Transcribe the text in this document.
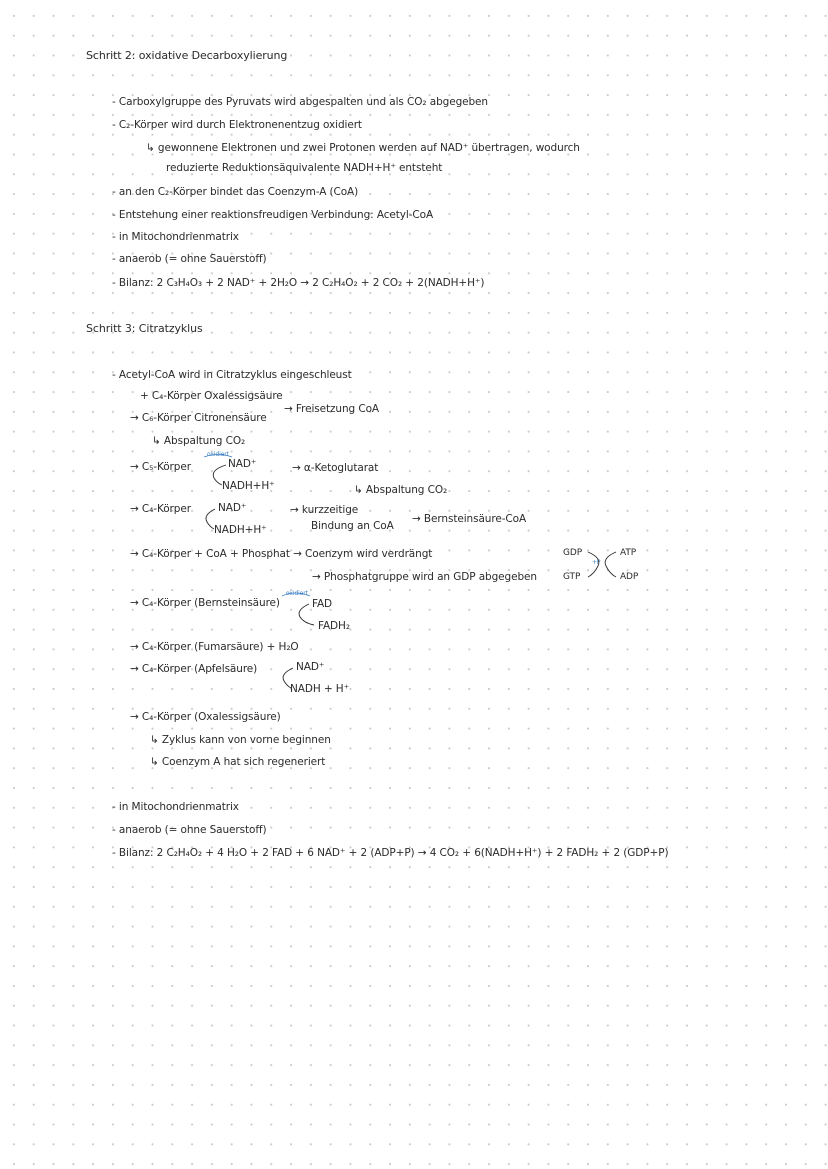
Schritt 2: oxidative Decarboxylierung

- Carboxylgruppe des Pyruvats wird abgespalten und als CO₂ abgegeben

- C₂-Körper wird durch Elektronenentzug oxidiert

↳ gewonnene Elektronen und zwei Protonen werden auf NAD⁺ übertragen, wodurch

reduzierte Reduktionsäquivalente NADH+H⁺ entsteht

- an den C₂-Körper bindet das Coenzym-A (CoA)

- Entstehung einer reaktionsfreudigen Verbindung: Acetyl-CoA

- in Mitochondrienmatrix

- anaerob (= ohne Sauerstoff)

- Bilanz: 2 C₃H₄O₃ + 2 NAD⁺ + 2H₂O → 2 C₂H₄O₂ + 2 CO₂ + 2(NADH+H⁺)

Schritt 3: Citratzyklus

- Acetyl-CoA wird in Citratzyklus eingeschleust

+ C₄-Körper Oxalessigsäure

→ C₆-Körper Citronensäure

→ Freisetzung CoA

↳ Abspaltung CO₂

oxidiert

→ C₅-Körper	NAD⁺

NADH+H⁺

→ α-Ketoglutarat

↳ Abspaltung CO₂

→ C₄-Körper	NAD⁺

NADH+H⁺

→ kurzzeitige

Bindung an CoA

→ Bernsteinsäure-CoA

→ C₄-Körper + CoA + Phosphat → Coenzym wird verdrängt

→ Phosphatgruppe wird an GDP abgegeben

GDP

+P

GTP

ATP

ADP

oxidiert

→ C₄-Körper (Bernsteinsäure)	FAD

FADH₂

→ C₄-Körper (Fumarsäure) + H₂O

→ C₄-Körper (Apfelsäure)	NAD⁺

NADH + H⁺

→ C₄-Körper (Oxalessigsäure)

↳ Zyklus kann von vorne beginnen

↳ Coenzym A hat sich regeneriert

- in Mitochondrienmatrix

- anaerob (= ohne Sauerstoff)

- Bilanz: 2 C₂H₄O₂ + 4 H₂O + 2 FAD + 6 NAD⁺ + 2 (ADP+P) → 4 CO₂ + 6(NADH+H⁺) + 2 FADH₂ + 2 (GDP+P)
